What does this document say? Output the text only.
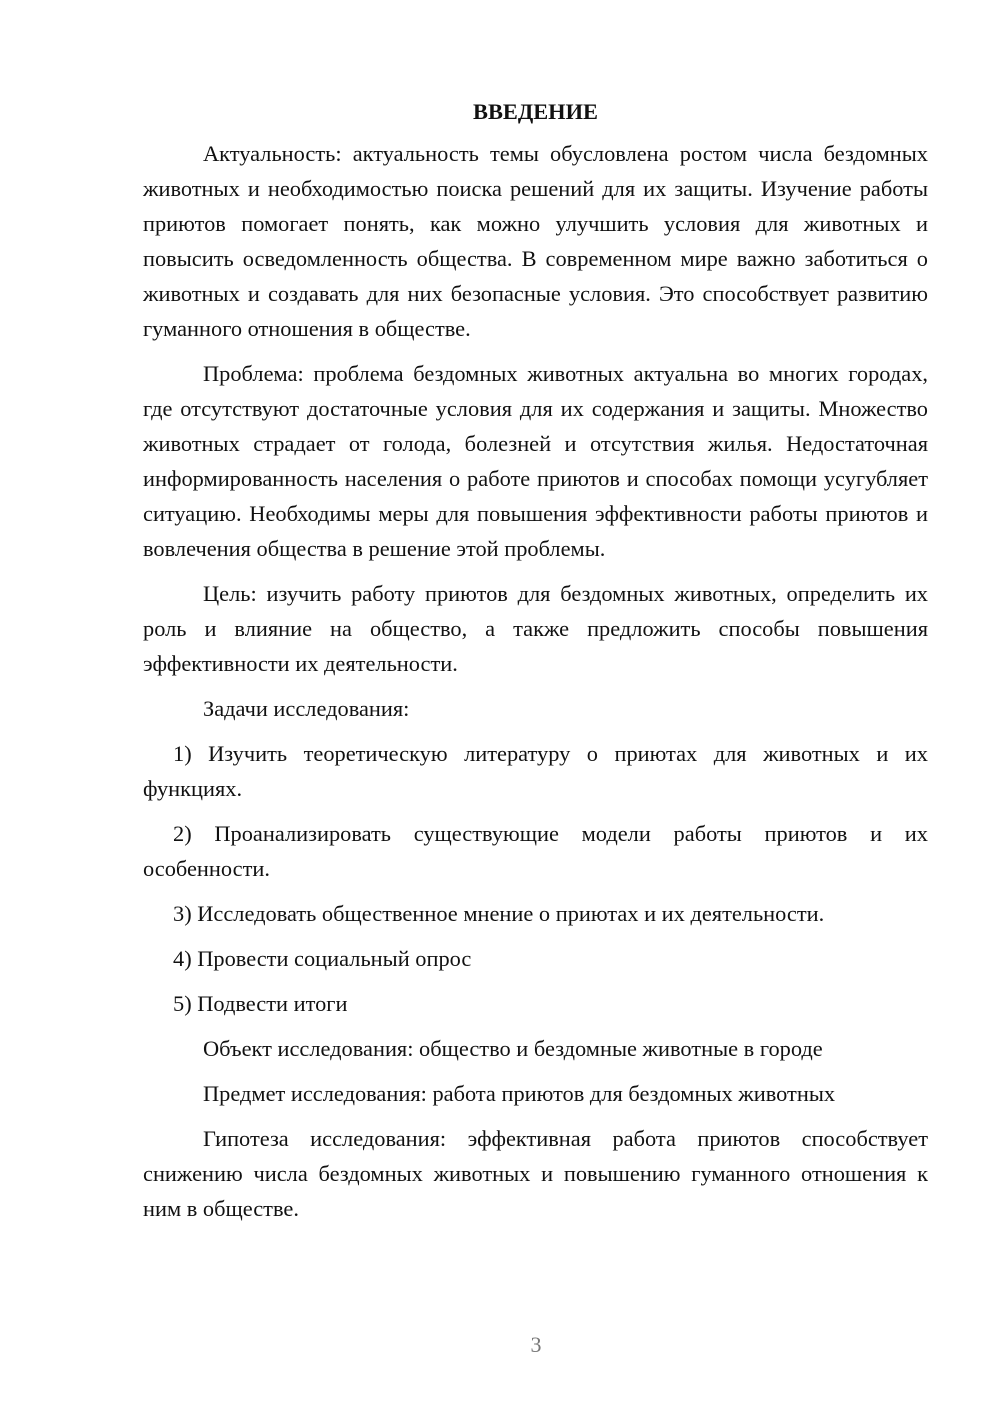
ВВЕДЕНИЕ

Актуальность: актуальность темы обусловлена ростом числа бездомных животных и необходимостью поиска решений для их защиты. Изучение работы приютов помогает понять, как можно улучшить условия для животных и повысить осведомленность общества. В современном мире важно заботиться о животных и создавать для них безопасные условия. Это способствует развитию гуманного отношения в обществе.

Проблема: проблема бездомных животных актуальна во многих городах, где отсутствуют достаточные условия для их содержания и защиты. Множество животных страдает от голода, болезней и отсутствия жилья. Недостаточная информированность населения о работе приютов и способах помощи усугубляет ситуацию. Необходимы меры для повышения эффективности работы приютов и вовлечения общества в решение этой проблемы.

Цель: изучить работу приютов для бездомных животных, определить их роль и влияние на общество, а также предложить способы повышения эффективности их деятельности.

Задачи исследования:

1) Изучить теоретическую литературу о приютах для животных и их функциях.

2) Проанализировать существующие модели работы приютов и их особенности.

3) Исследовать общественное мнение о приютах и их деятельности.

4) Провести социальный опрос

5) Подвести итоги

Объект исследования: общество и бездомные животные в городе

Предмет исследования: работа приютов для бездомных животных

Гипотеза исследования: эффективная работа приютов способствует снижению числа бездомных животных и повышению гуманного отношения к ним в обществе.

3
